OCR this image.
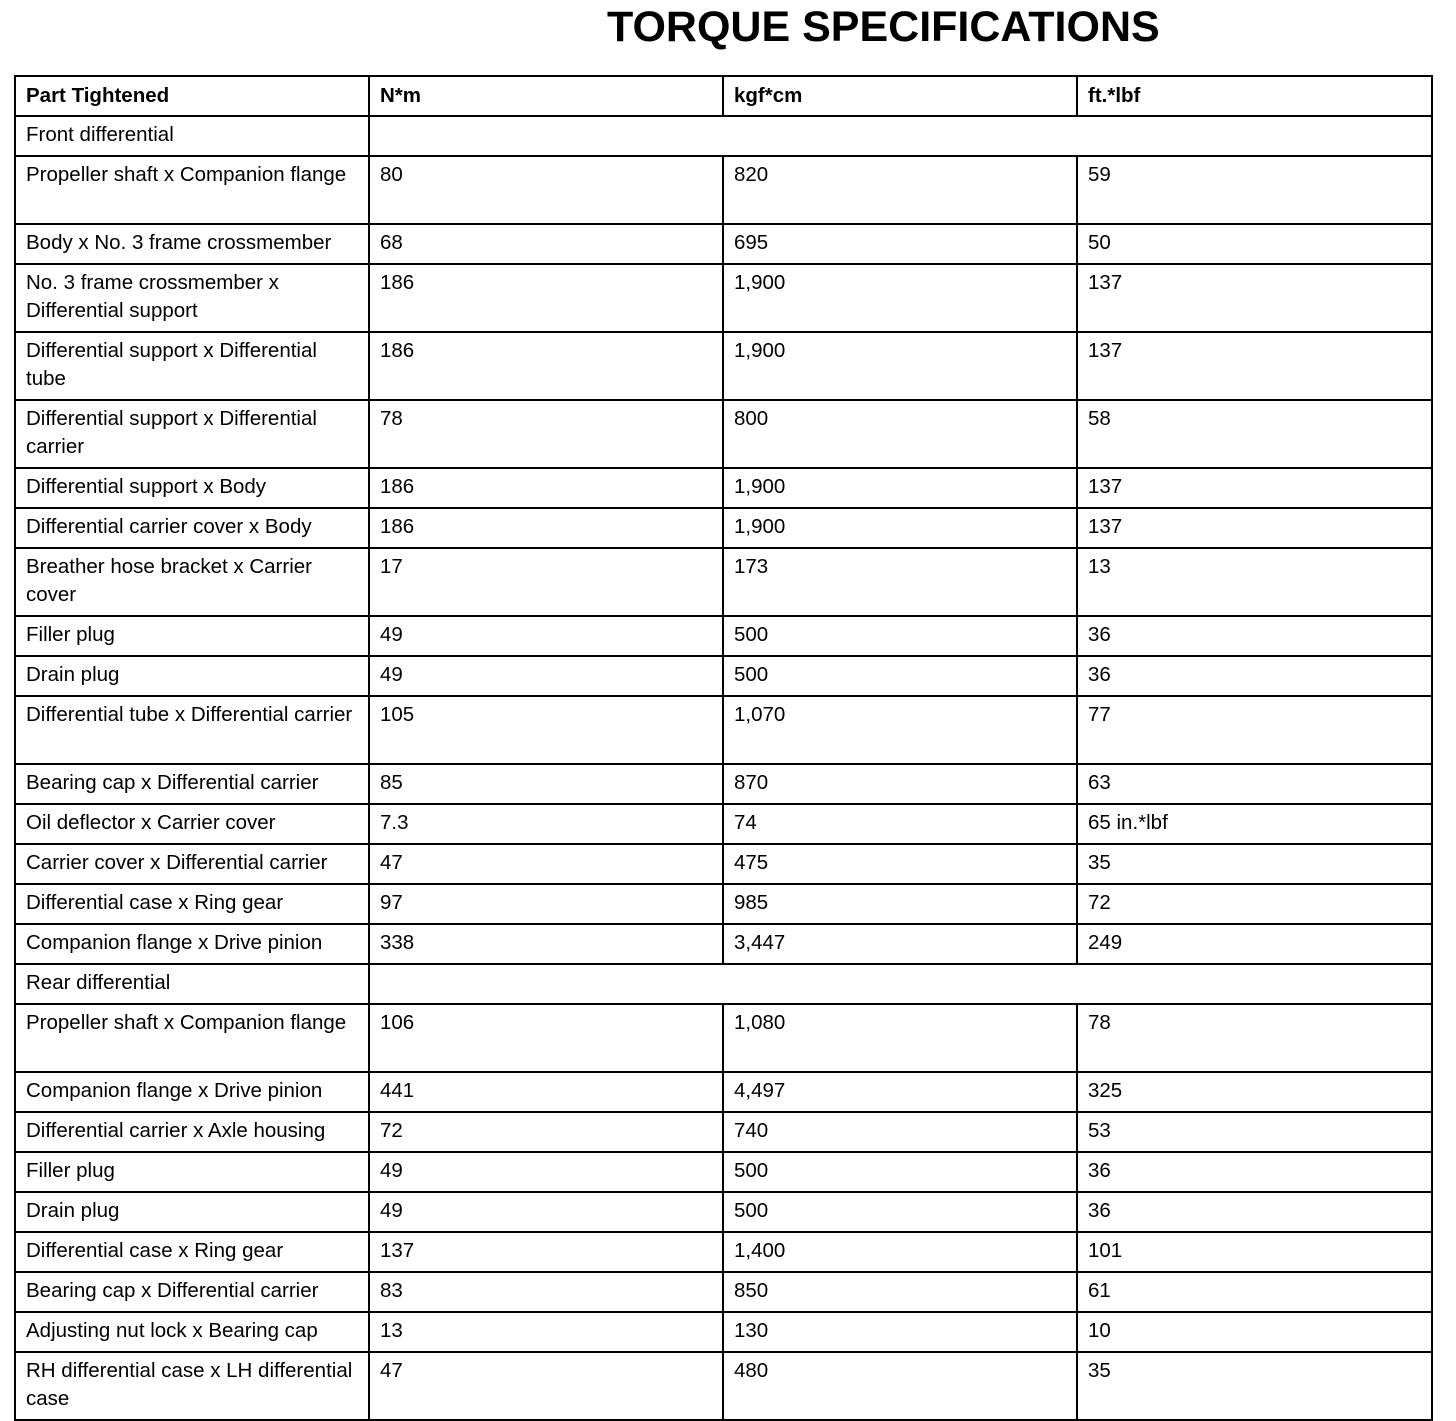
TORQUE SPECIFICATIONS
Part Tightened	N*m	kgf*cm	ft.*lbf
Front differential			
Propeller shaft x Companion flange	80	820	59
Body x No. 3 frame crossmember	68	695	50
No. 3 frame crossmember x Differential support	186	1,900	137
Differential support x Differential tube	186	1,900	137
Differential support x Differential carrier	78	800	58
Differential support x Body	186	1,900	137
Differential carrier cover x Body	186	1,900	137
Breather hose bracket x Carrier cover	17	173	13
Filler plug	49	500	36
Drain plug	49	500	36
Differential tube x Differential carrier	105	1,070	77
Bearing cap x Differential carrier	85	870	63
Oil deflector x Carrier cover	7.3	74	65 in.*lbf
Carrier cover x Differential carrier	47	475	35
Differential case x Ring gear	97	985	72
Companion flange x Drive pinion	338	3,447	249
Rear differential			
Propeller shaft x Companion flange	106	1,080	78
Companion flange x Drive pinion	441	4,497	325
Differential carrier x Axle housing	72	740	53
Filler plug	49	500	36
Drain plug	49	500	36
Differential case x Ring gear	137	1,400	101
Bearing cap x Differential carrier	83	850	61
Adjusting nut lock x Bearing cap	13	130	10
RH differential case x LH differential case	47	480	35
